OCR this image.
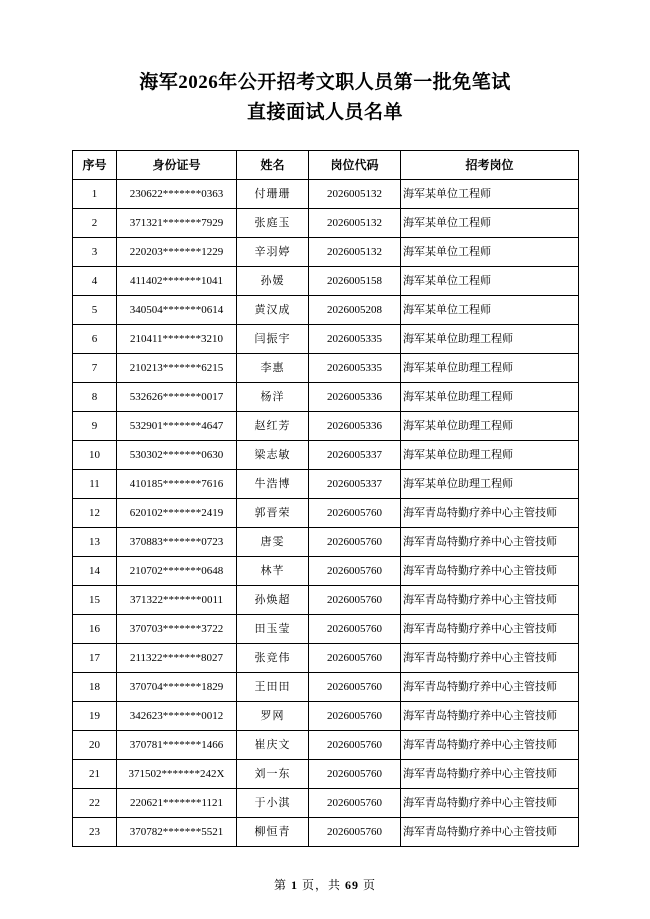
海军2026年公开招考文职人员第一批免笔试
直接面试人员名单
序号	身份证号	姓名	岗位代码	招考岗位
1	230622*******0363	付珊珊	2026005132	海军某单位工程师
2	371321*******7929	张庭玉	2026005132	海军某单位工程师
3	220203*******1229	辛羽婷	2026005132	海军某单位工程师
4	411402*******1041	孙媛	2026005158	海军某单位工程师
5	340504*******0614	黄汉成	2026005208	海军某单位工程师
6	210411*******3210	闫振宇	2026005335	海军某单位助理工程师
7	210213*******6215	李惠	2026005335	海军某单位助理工程师
8	532626*******0017	杨洋	2026005336	海军某单位助理工程师
9	532901*******4647	赵红芳	2026005336	海军某单位助理工程师
10	530302*******0630	梁志敏	2026005337	海军某单位助理工程师
11	410185*******7616	牛浩博	2026005337	海军某单位助理工程师
12	620102*******2419	郭晋荣	2026005760	海军青岛特勤疗养中心主管技师
13	370883*******0723	唐雯	2026005760	海军青岛特勤疗养中心主管技师
14	210702*******0648	林芊	2026005760	海军青岛特勤疗养中心主管技师
15	371322*******0011	孙焕超	2026005760	海军青岛特勤疗养中心主管技师
16	370703*******3722	田玉莹	2026005760	海军青岛特勤疗养中心主管技师
17	211322*******8027	张竞伟	2026005760	海军青岛特勤疗养中心主管技师
18	370704*******1829	王田田	2026005760	海军青岛特勤疗养中心主管技师
19	342623*******0012	罗网	2026005760	海军青岛特勤疗养中心主管技师
20	370781*******1466	崔庆文	2026005760	海军青岛特勤疗养中心主管技师
21	371502*******242X	刘一东	2026005760	海军青岛特勤疗养中心主管技师
22	220621*******1121	于小淇	2026005760	海军青岛特勤疗养中心主管技师
23	370782*******5521	柳恒青	2026005760	海军青岛特勤疗养中心主管技师
第 1 页，共 69 页
